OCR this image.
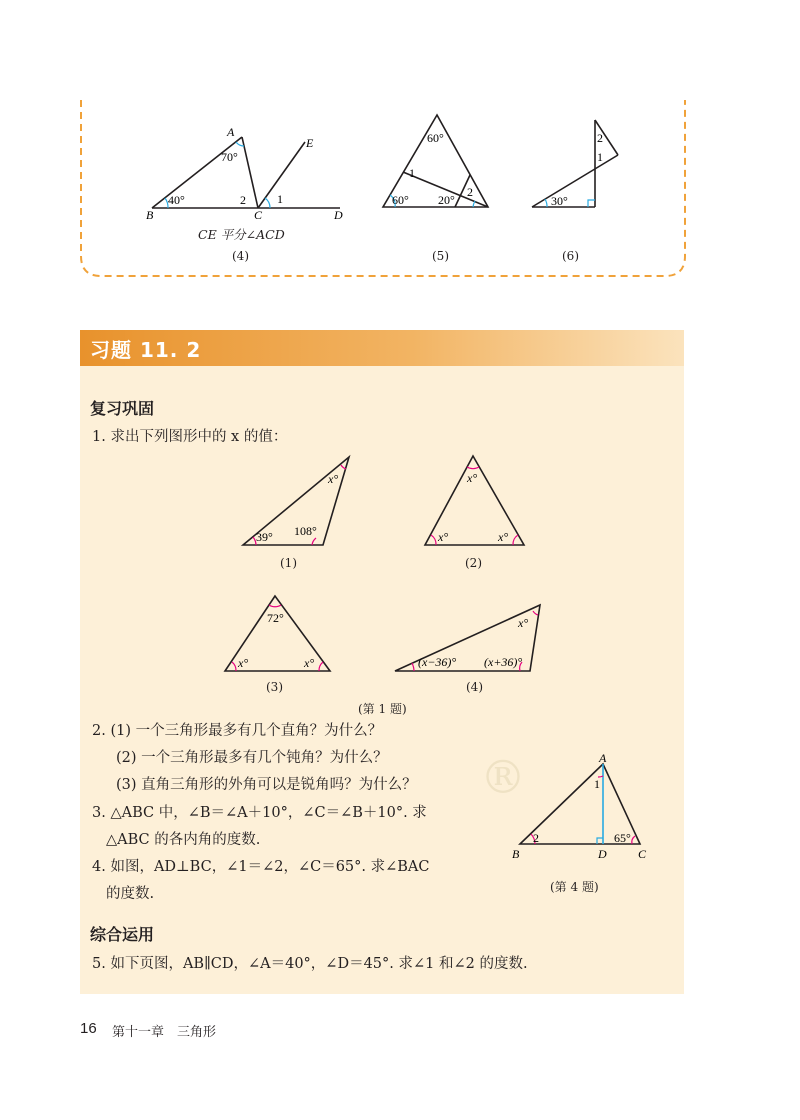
A
70°
40°	2	1
B	C	D
E
CE 平分∠ACD
(4)
60°
1
2
60° 20°
(5)
2
1
30°
(6)
习题 11. 2
®
复习巩固
1. 求出下列图形中的 x 的值：
39° 108°
x°
(1)
x°
x°	x°
(2)
72°
x°	x°
(3)
x°
(x−36)° (x+36)°
(4)
(第 1 题)
2. (1) 一个三角形最多有几个直角？为什么？
(2) 一个三角形最多有几个钝角？为什么？
(3) 直角三角形的外角可以是锐角吗？为什么？
3. △ABC 中，∠B＝∠A＋10°，∠C＝∠B＋10°. 求
△ABC 的各内角的度数.
4. 如图，AD⊥BC，∠1＝∠2，∠C＝65°. 求∠BAC
的度数.
A
1
2	65°
B	D	C
(第 4 题)
综合运用
5. 如下页图，AB∥CD，∠A＝40°，∠D＝45°. 求∠1 和∠2 的度数.
16 第十一章　三角形
